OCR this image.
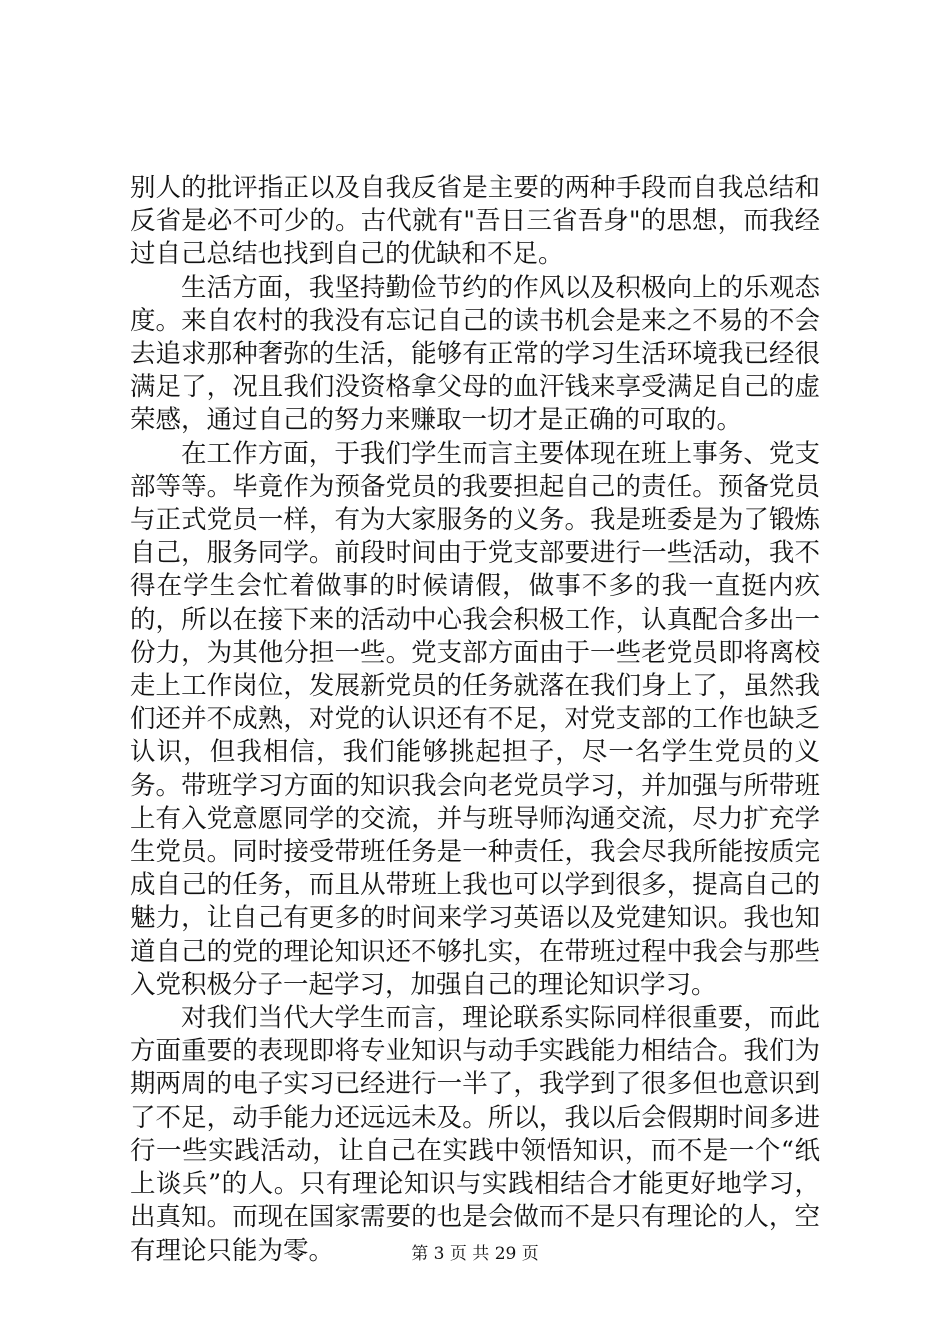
别人的批评指正以及自我反省是主要的两种手段而自我总结和反省是必不可少的。古代就有"吾日三省吾身"的思想，而我经过自己总结也找到自己的优缺和不足。

生活方面，我坚持勤俭节约的作风以及积极向上的乐观态度。来自农村的我没有忘记自己的读书机会是来之不易的不会去追求那种奢弥的生活，能够有正常的学习生活环境我已经很满足了，况且我们没资格拿父母的血汗钱来享受满足自己的虚荣感，通过自己的努力来赚取一切才是正确的可取的。

在工作方面，于我们学生而言主要体现在班上事务、党支部等等。毕竟作为预备党员的我要担起自己的责任。预备党员与正式党员一样，有为大家服务的义务。我是班委是为了锻炼自己，服务同学。前段时间由于党支部要进行一些活动，我不得在学生会忙着做事的时候请假，做事不多的我一直挺内疚的，所以在接下来的活动中心我会积极工作，认真配合多出一份力，为其他分担一些。党支部方面由于一些老党员即将离校走上工作岗位，发展新党员的任务就落在我们身上了，虽然我们还并不成熟，对党的认识还有不足，对党支部的工作也缺乏认识，但我相信，我们能够挑起担子，尽一名学生党员的义务。带班学习方面的知识我会向老党员学习，并加强与所带班上有入党意愿同学的交流，并与班导师沟通交流，尽力扩充学生党员。同时接受带班任务是一种责任，我会尽我所能按质完成自己的任务，而且从带班上我也可以学到很多，提高自己的魅力，让自己有更多的时间来学习英语以及党建知识。我也知道自己的党的理论知识还不够扎实，在带班过程中我会与那些入党积极分子一起学习，加强自己的理论知识学习。

对我们当代大学生而言，理论联系实际同样很重要，而此方面重要的表现即将专业知识与动手实践能力相结合。我们为期两周的电子实习已经进行一半了，我学到了很多但也意识到了不足，动手能力还远远未及。所以，我以后会假期时间多进行一些实践活动，让自己在实践中领悟知识，而不是一个“纸上谈兵”的人。只有理论知识与实践相结合才能更好地学习，出真知。而现在国家需要的也是会做而不是只有理论的人，空有理论只能为零。	第 3 页 共 29 页
